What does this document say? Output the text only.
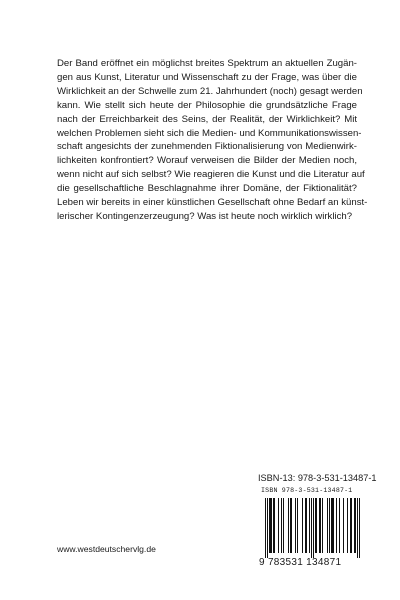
Der Band eröffnet ein möglichst breites Spektrum an aktuellen Zugän-
gen aus Kunst, Literatur und Wissenschaft zu der Frage, was über die
Wirklichkeit an der Schwelle zum 21. Jahrhundert (noch) gesagt werden
kann. Wie stellt sich heute der Philosophie die grundsätzliche Frage
nach der Erreichbarkeit des Seins, der Realität, der Wirklichkeit? Mit
welchen Problemen sieht sich die Medien- und Kommunikationswissen-
schaft angesichts der zunehmenden Fiktionalisierung von Medienwirk-
lichkeiten konfrontiert? Worauf verweisen die Bilder der Medien noch,
wenn nicht auf sich selbst? Wie reagieren die Kunst und die Literatur auf
die gesellschaftliche Beschlagnahme ihrer Domäne, der Fiktionalität?
Leben wir bereits in einer künstlichen Gesellschaft ohne Bedarf an künst-
lerischer Kontingenzerzeugung? Was ist heute noch wirklich wirklich?
ISBN-13: 978-3-531-13487-1
ISBN 978-3-531-13487-1
9 783531 134871
www.westdeutschervlg.de
